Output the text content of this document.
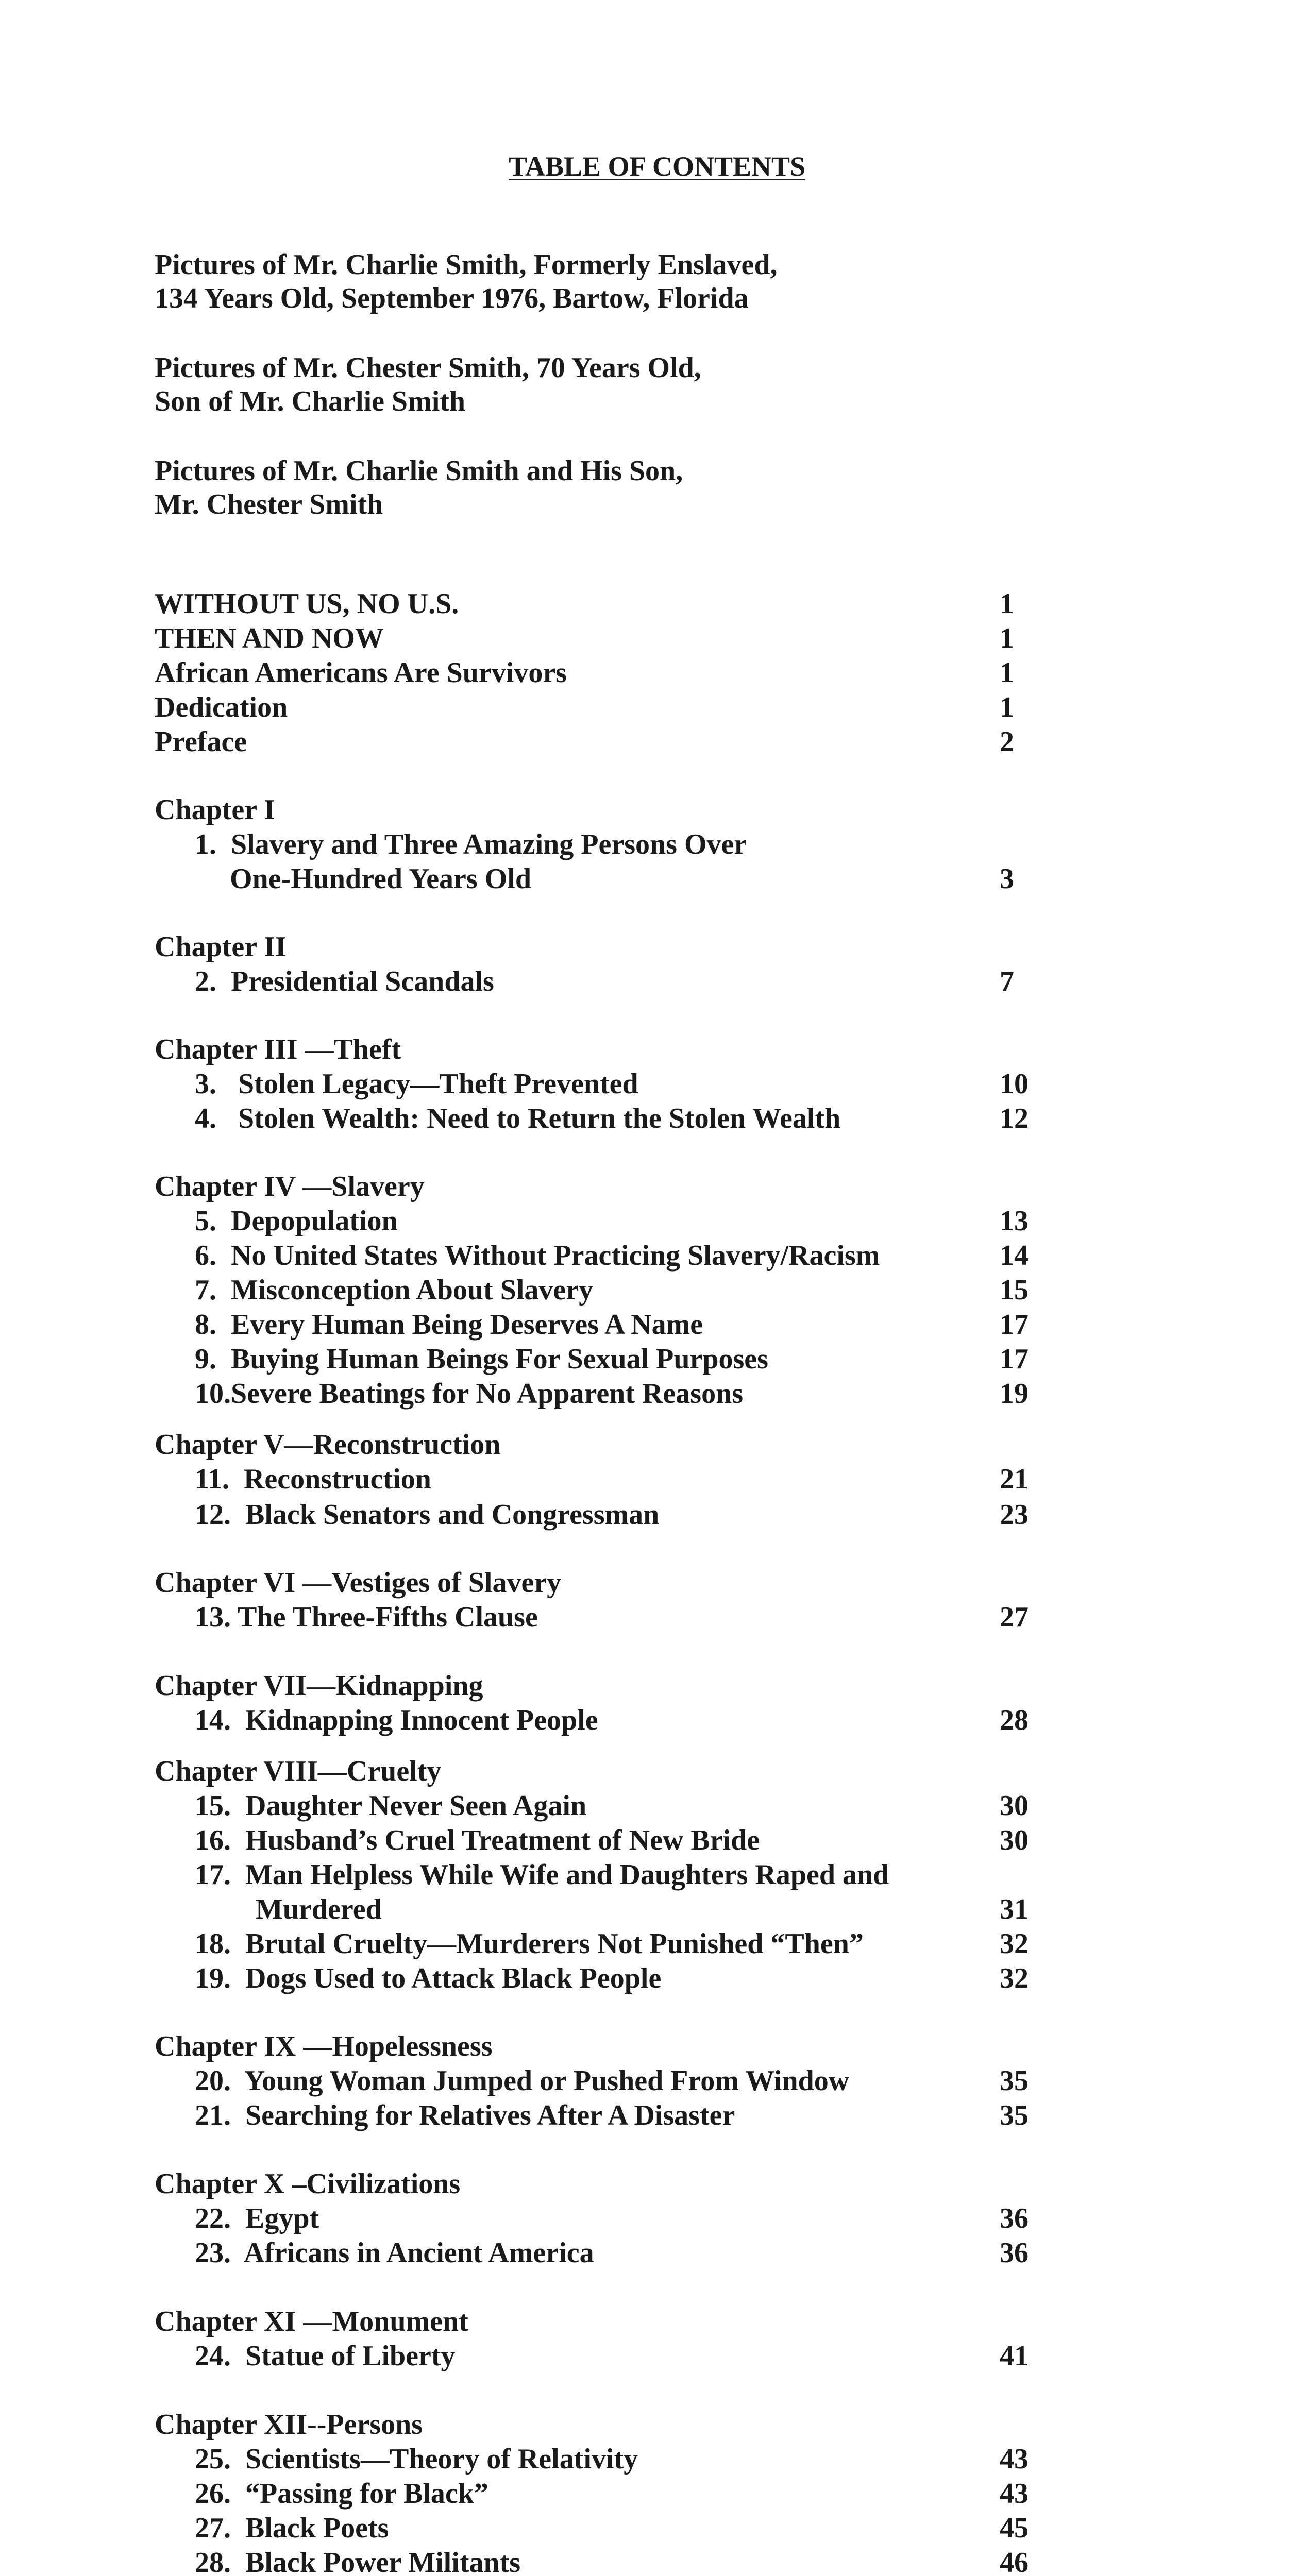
TABLE OF CONTENTS
Pictures of Mr. Charlie Smith, Formerly Enslaved,
134 Years Old, September 1976, Bartow, Florida
Pictures of Mr. Chester Smith, 70 Years Old,
Son of Mr. Charlie Smith
Pictures of Mr. Charlie Smith and His Son,
Mr. Chester Smith
WITHOUT US, NO U.S.	1
THEN AND NOW	1
African Americans Are Survivors	1
Dedication	1
Preface	2
Chapter I
1. Slavery and Three Amazing Persons Over
One-Hundred Years Old	3
Chapter II
2. Presidential Scandals	7
Chapter III —Theft
3. Stolen Legacy—Theft Prevented	10
4. Stolen Wealth: Need to Return the Stolen Wealth	12
Chapter IV —Slavery
5. Depopulation	13
6. No United States Without Practicing Slavery/Racism	14
7. Misconception About Slavery	15
8. Every Human Being Deserves A Name	17
9. Buying Human Beings For Sexual Purposes	17
10.Severe Beatings for No Apparent Reasons	19
Chapter V—Reconstruction
11. Reconstruction	21
12. Black Senators and Congressman	23
Chapter VI —Vestiges of Slavery
13. The Three-Fifths Clause	27
Chapter VII—Kidnapping
14. Kidnapping Innocent People	28
Chapter VIII—Cruelty
15. Daughter Never Seen Again	30
16. Husband’s Cruel Treatment of New Bride	30
17. Man Helpless While Wife and Daughters Raped and
Murdered	31
18. Brutal Cruelty—Murderers Not Punished “Then”	32
19. Dogs Used to Attack Black People	32
Chapter IX —Hopelessness
20. Young Woman Jumped or Pushed From Window	35
21. Searching for Relatives After A Disaster	35
Chapter X –Civilizations
22. Egypt	36
23. Africans in Ancient America	36
Chapter XI —Monument
24. Statue of Liberty	41
Chapter XII--Persons
25. Scientists—Theory of Relativity	43
26. “Passing for Black”	43
27. Black Poets	45
28. Black Power Militants	46
